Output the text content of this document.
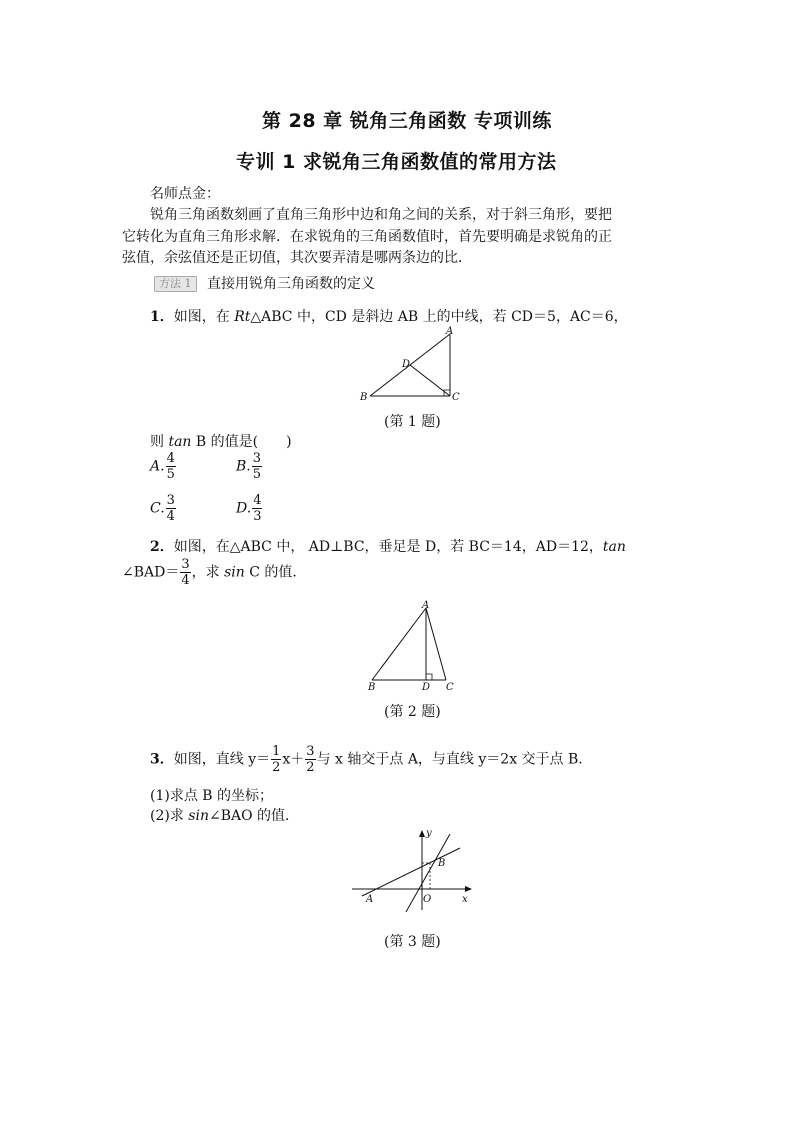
第 28 章 锐角三角函数 专项训练
专训 1 求锐角三角函数值的常用方法
名师点金：
锐角三角函数刻画了直角三角形中边和角之间的关系，对于斜三角形，要把
它转化为直角三角形求解．在求锐角的三角函数值时，首先要明确是求锐角的正
弦值，余弦值还是正切值，其次要弄清是哪两条边的比．
方法 1 直接用锐角三角函数的定义
1．如图，在 Rt△ABC 中，CD 是斜边 AB 上的中线，若 CD＝5，AC＝6，
A
B	C
D
(第 1 题)
则 tan B 的值是(　　)
A. $\frac{4}{5}$	B. $\frac{3}{5}$
C. $\frac{3}{4}$	D. $\frac{4}{3}$
2．如图，在△ABC 中， AD⊥BC，垂足是 D，若 BC＝14，AD＝12，tan
∠BAD＝ $\frac{3}{4}$ ，求 sin C 的值．
A
B	C
D
(第 2 题)
3．如图，直线 $y= \frac{1}{2} x+ \frac{3}{2}$ 与 x 轴交于点 A，与直线 y＝2x 交于点 B.
(1)求点 B 的坐标；
(2)求 sin∠BAO 的值．
A
B
O	x
y
(第 3 题)
